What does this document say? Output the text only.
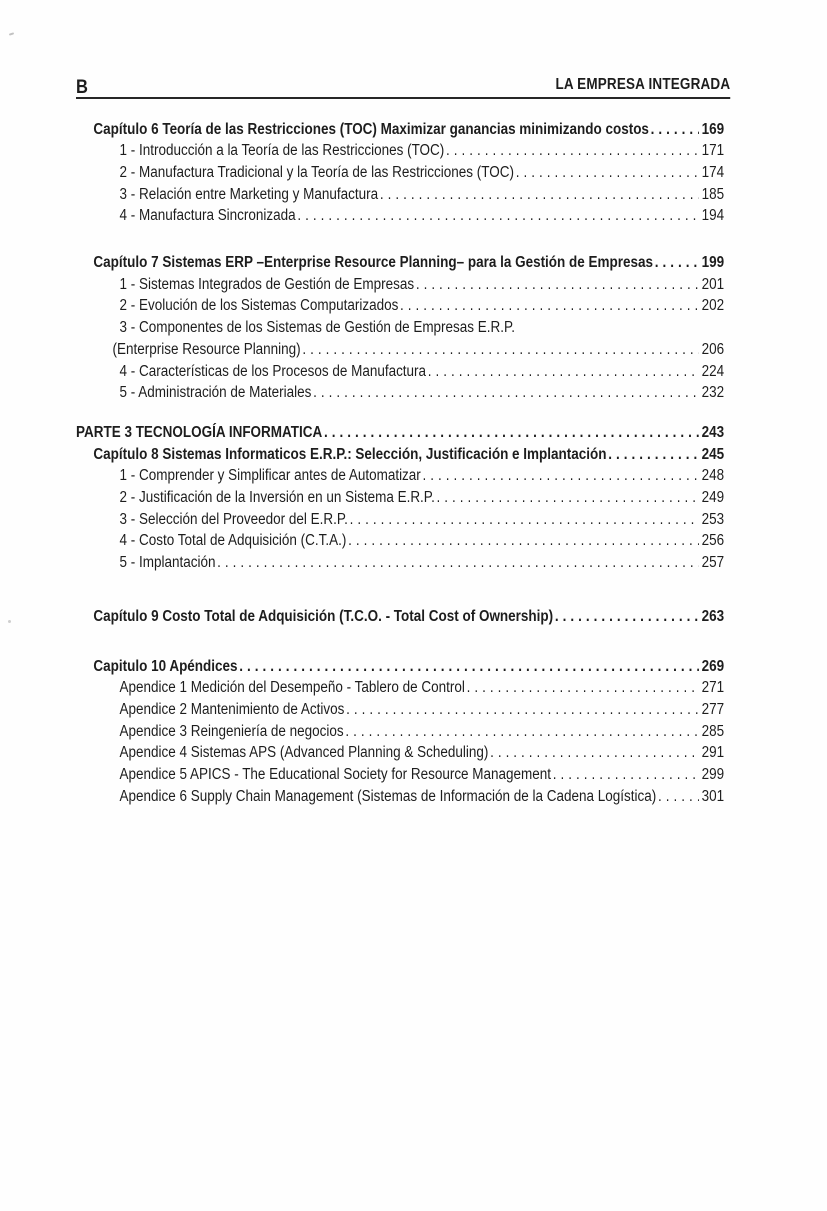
B	LA EMPRESA INTEGRADA
Capítulo 6 Teoría de las Restricciones (TOC) Maximizar ganancias minimizando costos .....	169
1 - Introducción a la Teoría de las Restricciones (TOC) .....	171
2 - Manufactura Tradicional y la Teoría de las Restricciones (TOC) .....	174
3 - Relación entre Marketing y Manufactura .....	185
4 - Manufactura Sincronizada .....	194
Capítulo 7 Sistemas ERP –Enterprise Resource Planning– para la Gestión de Empresas .....	199
1 - Sistemas Integrados de Gestión de Empresas .....	201
2 - Evolución de los Sistemas Computarizados .....	202
3 - Componentes de los Sistemas de Gestión de Empresas E.R.P.
(Enterprise Resource Planning) .....	206
4 - Características de los Procesos de Manufactura .....	224
5 - Administración de Materiales .....	232
PARTE 3 TECNOLOGÍA INFORMATICA .....	243
Capítulo 8 Sistemas Informaticos E.R.P.: Selección, Justificación e Implantación .....	245
1 - Comprender y Simplificar antes de Automatizar .....	248
2 - Justificación de la Inversión en un Sistema E.R.P. .....	249
3 - Selección del Proveedor del E.R.P. .....	253
4 - Costo Total de Adquisición (C.T.A.) .....	256
5 - Implantación .....	257
Capítulo 9 Costo Total de Adquisición (T.C.O. - Total Cost of Ownership) .....	263
Capitulo 10 Apéndices .....	269
Apendice 1 Medición del Desempeño - Tablero de Control .....	271
Apendice 2 Mantenimiento de Activos .....	277
Apendice 3 Reingeniería de negocios .....	285
Apendice 4 Sistemas APS (Advanced Planning & Scheduling) .....	291
Apendice 5 APICS - The Educational Society for Resource Management .....	299
Apendice 6 Supply Chain Management (Sistemas de Información de la Cadena Logística) .....	301
